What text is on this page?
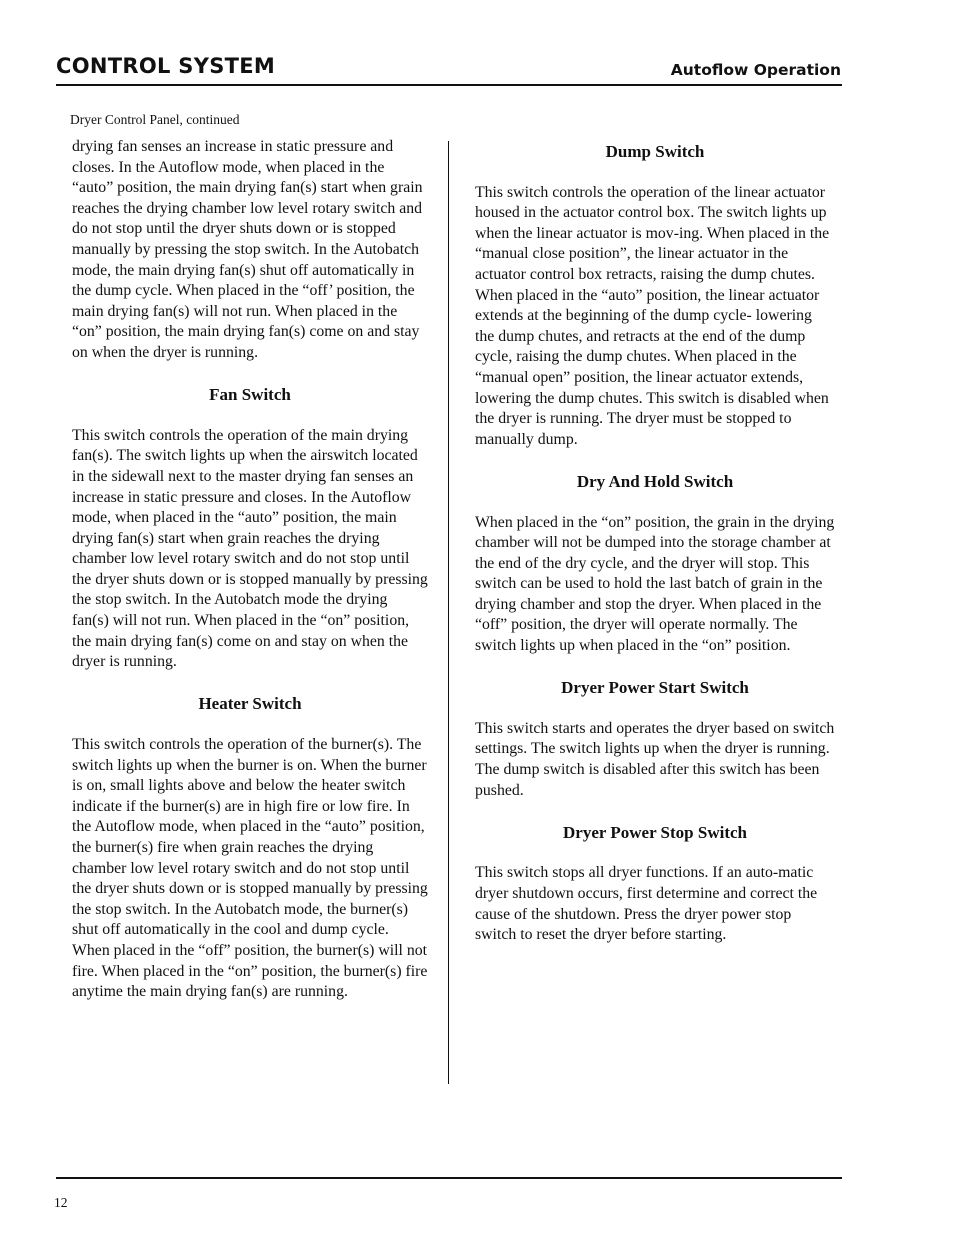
CONTROL SYSTEM	Autoflow Operation
Dryer Control Panel, continued

drying fan senses an increase in static pressure and closes. In the Autoflow mode, when placed in the “auto” position, the main drying fan(s) start when grain reaches the drying chamber low level rotary switch and do not stop until the dryer shuts down or is stopped manually by pressing the stop switch. In the Autobatch mode, the main drying fan(s) shut off automatically in the dump cycle. When placed in the “off’ position, the main drying fan(s) will not run. When placed in the “on” position, the main drying fan(s) come on and stay on when the dryer is running.

Fan Switch

This switch controls the operation of the main drying fan(s). The switch lights up when the airswitch located in the sidewall next to the master drying fan senses an increase in static pressure and closes. In the Autoflow mode, when placed in the “auto” position, the main drying fan(s) start when grain reaches the drying chamber low level rotary switch and do not stop until the dryer shuts down or is stopped manually by pressing the stop switch. In the Autobatch mode the drying fan(s) will not run. When placed in the “on” position, the main drying fan(s) come on and stay on when the dryer is running.

Heater Switch

This switch controls the operation of the burner(s). The switch lights up when the burner is on. When the burner is on, small lights above and below the heater switch indicate if the burner(s) are in high fire or low fire. In the Autoflow mode, when placed in the “auto” position, the burner(s) fire when grain reaches the drying chamber low level rotary switch and do not stop until the dryer shuts down or is stopped manually by pressing the stop switch. In the Autobatch mode, the burner(s) shut off automatically in the cool and dump cycle. When placed in the “off” position, the burner(s) will not fire. When placed in the “on” position, the burner(s) fire anytime the main drying fan(s) are running.

Dump Switch

This switch controls the operation of the linear actuator housed in the actuator control box. The switch lights up when the linear actuator is mov-ing. When placed in the “manual close position”, the linear actuator in the actuator control box retracts, raising the dump chutes. When placed in the “auto” position, the linear actuator extends at the beginning of the dump cycle- lowering the dump chutes, and retracts at the end of the dump cycle, raising the dump chutes. When placed in the “manual open” position, the linear actuator extends, lowering the dump chutes. This switch is disabled when the dryer is running. The dryer must be stopped to manually dump.

Dry And Hold Switch

When placed in the “on” position, the grain in the drying chamber will not be dumped into the storage chamber at the end of the dry cycle, and the dryer will stop. This switch can be used to hold the last batch of grain in the drying chamber and stop the dryer. When placed in the “off” position, the dryer will operate normally. The switch lights up when placed in the “on” position.

Dryer Power Start Switch

This switch starts and operates the dryer based on switch settings. The switch lights up when the dryer is running. The dump switch is disabled after this switch has been pushed.

Dryer Power Stop Switch

This switch stops all dryer functions. If an auto-matic dryer shutdown occurs, first determine and correct the cause of the shutdown. Press the dryer power stop switch to reset the dryer before starting.

12
